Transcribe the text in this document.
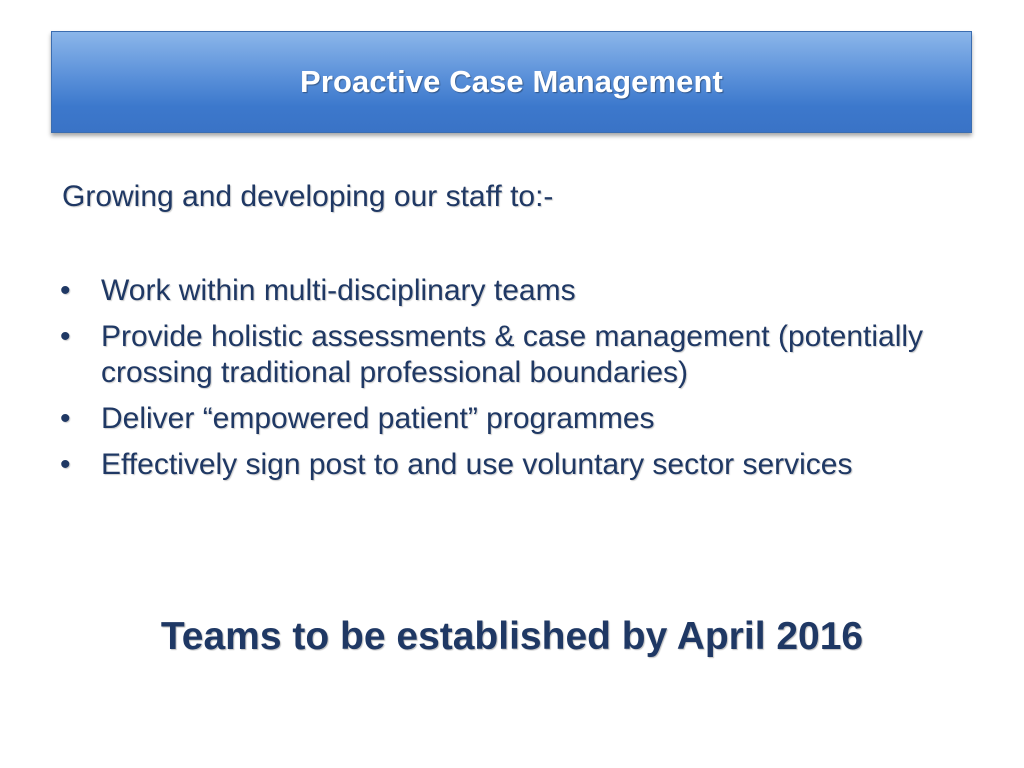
Proactive Case Management
Growing and developing our staff to:-
• Work within multi-disciplinary teams
• Provide holistic assessments & case management (potentially crossing traditional professional boundaries)
• Deliver “empowered patient” programmes
• Effectively sign post to and use voluntary sector services
Teams to be established by April 2016
